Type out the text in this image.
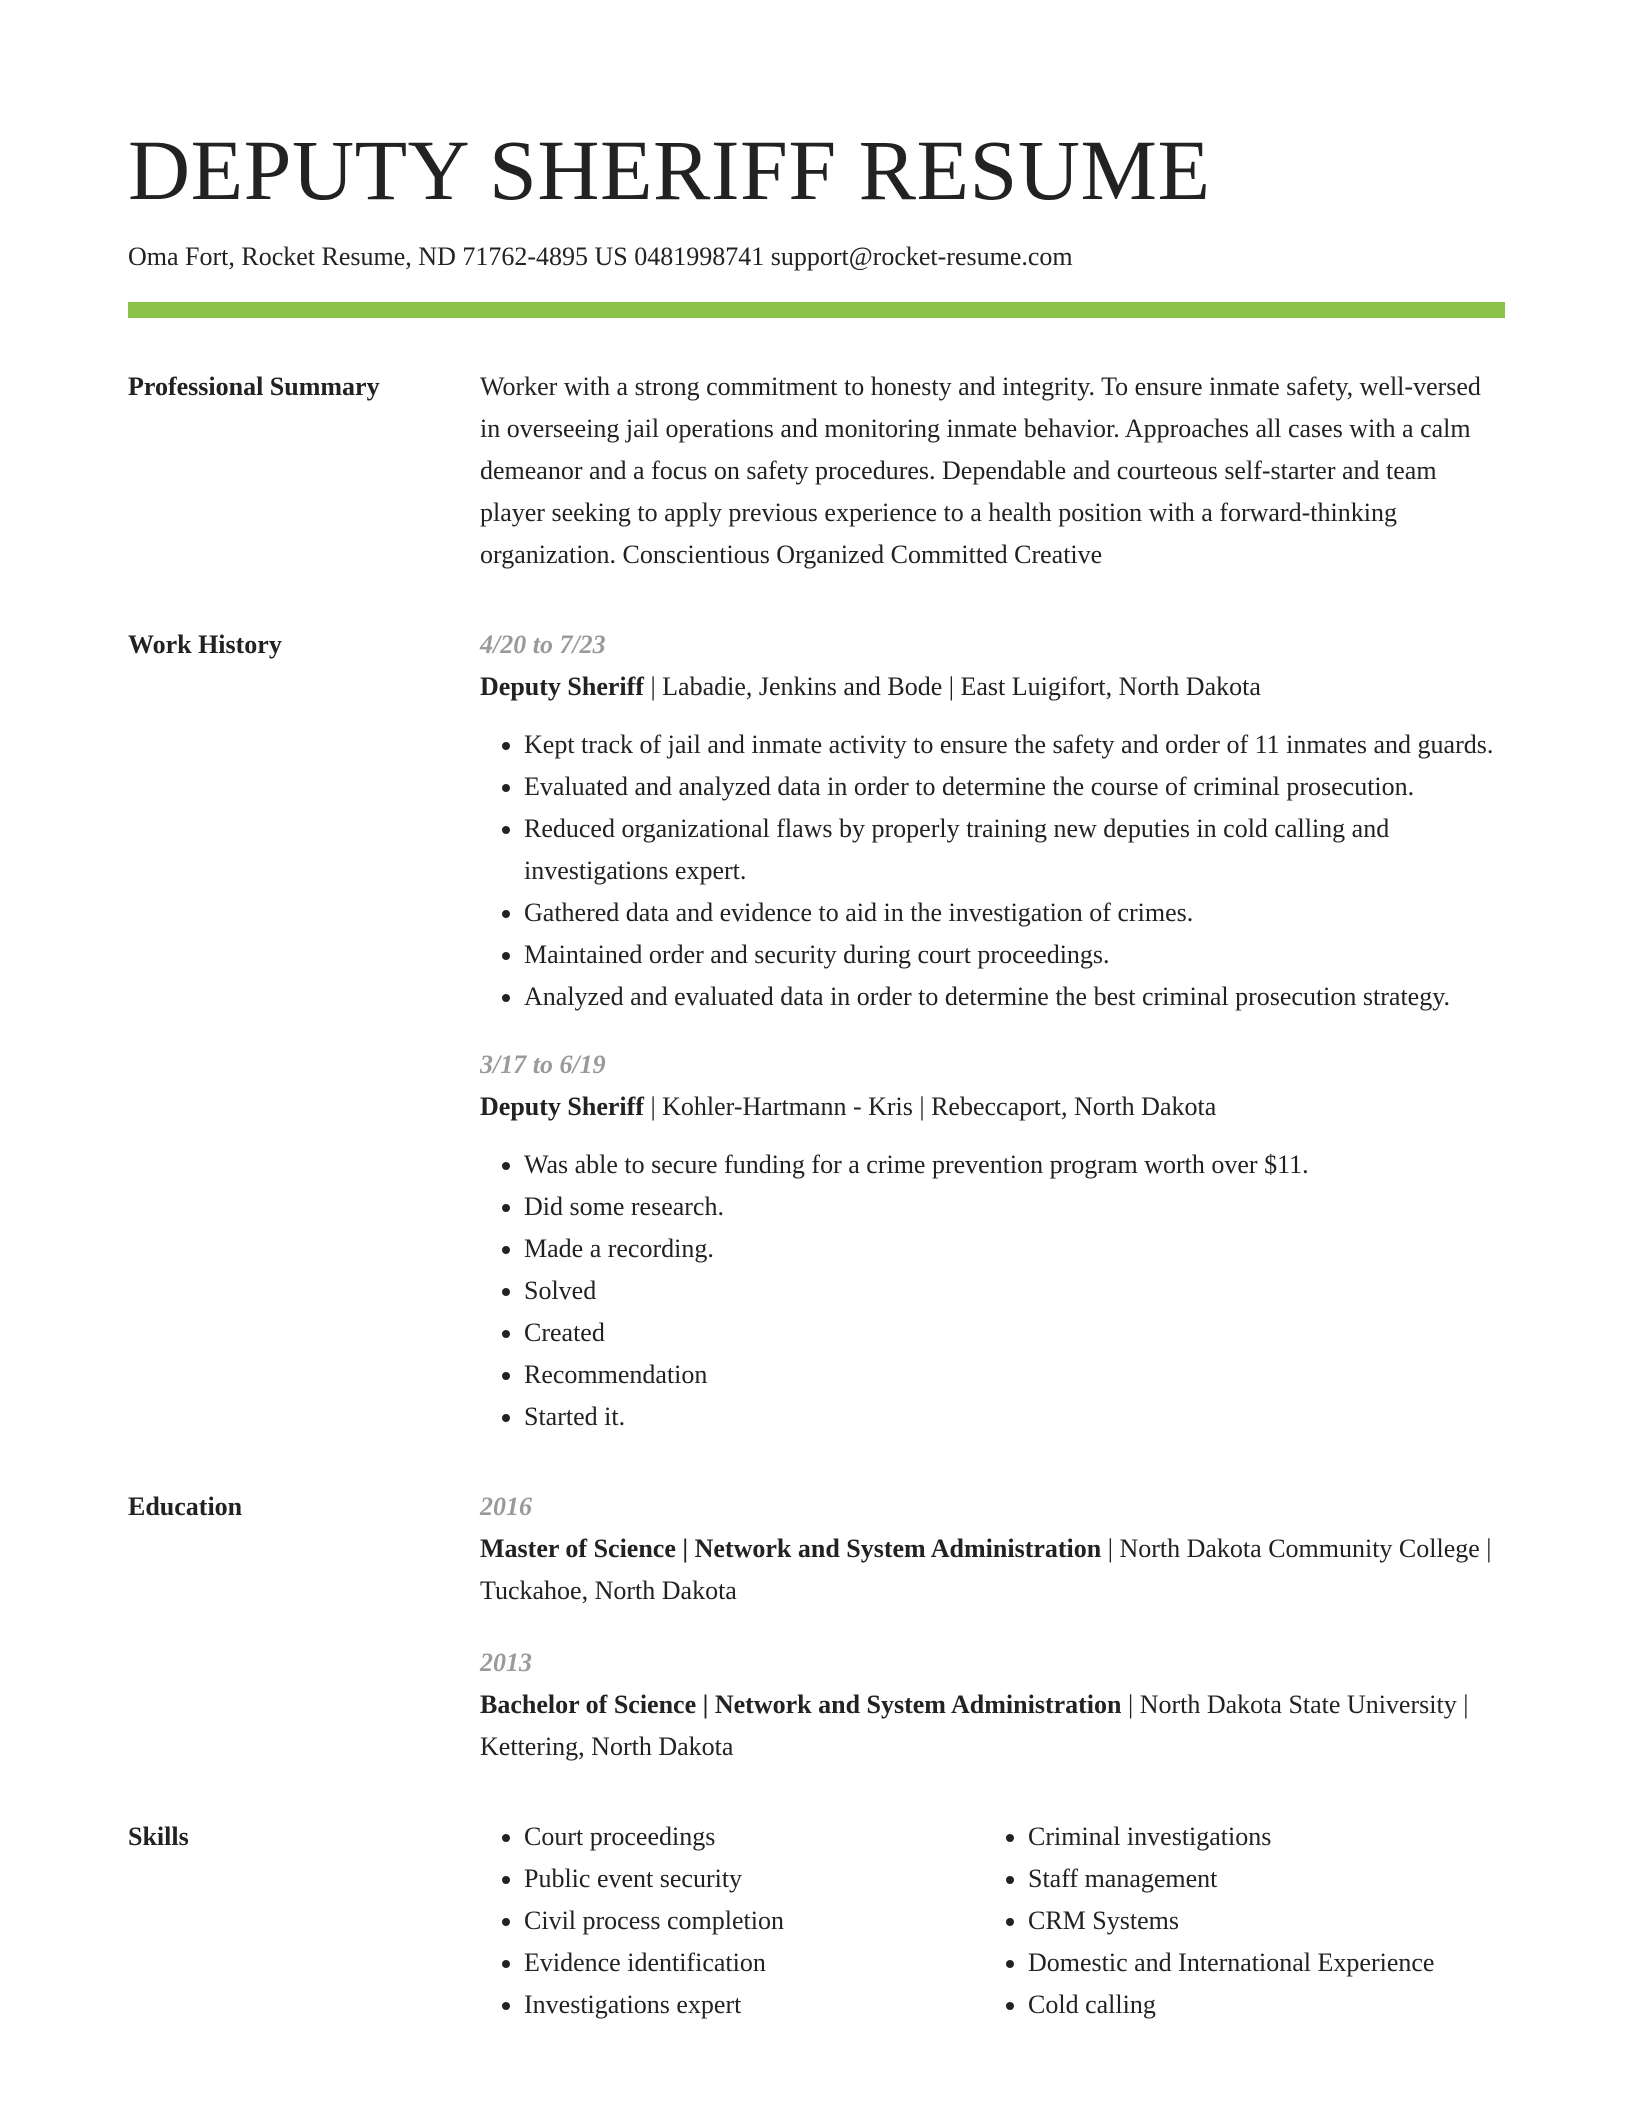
DEPUTY SHERIFF RESUME
Oma Fort, Rocket Resume, ND 71762-4895 US 0481998741 support@rocket-resume.com
Professional Summary	Worker with a strong commitment to honesty and integrity. To ensure inmate safety, well-versed in overseeing jail operations and monitoring inmate behavior. Approaches all cases with a calm demeanor and a focus on safety procedures. Dependable and courteous self-starter and team player seeking to apply previous experience to a health position with a forward-thinking organization. Conscientious Organized Committed Creative

Work History	4/20 to 7/23
Deputy Sheriff | Labadie, Jenkins and Bode | East Luigifort, North Dakota
• Kept track of jail and inmate activity to ensure the safety and order of 11 inmates and guards.
• Evaluated and analyzed data in order to determine the course of criminal prosecution.
• Reduced organizational flaws by properly training new deputies in cold calling and investigations expert.
• Gathered data and evidence to aid in the investigation of crimes.
• Maintained order and security during court proceedings.
• Analyzed and evaluated data in order to determine the best criminal prosecution strategy.
3/17 to 6/19
Deputy Sheriff | Kohler-Hartmann - Kris | Rebeccaport, North Dakota
• Was able to secure funding for a crime prevention program worth over $11.
• Did some research.
• Made a recording.
• Solved
• Created
• Recommendation
• Started it.
Education	2016
Master of Science | Network and System Administration | North Dakota Community College | Tuckahoe, North Dakota
2013
Bachelor of Science | Network and System Administration | North Dakota State University | Kettering, North Dakota
Skills
•	Court proceedings
• Public event security
• Civil process completion
• Evidence identification
• Investigations expert
• Criminal investigations
• Staff management
• CRM Systems
• Domestic and International Experience
• Cold calling
